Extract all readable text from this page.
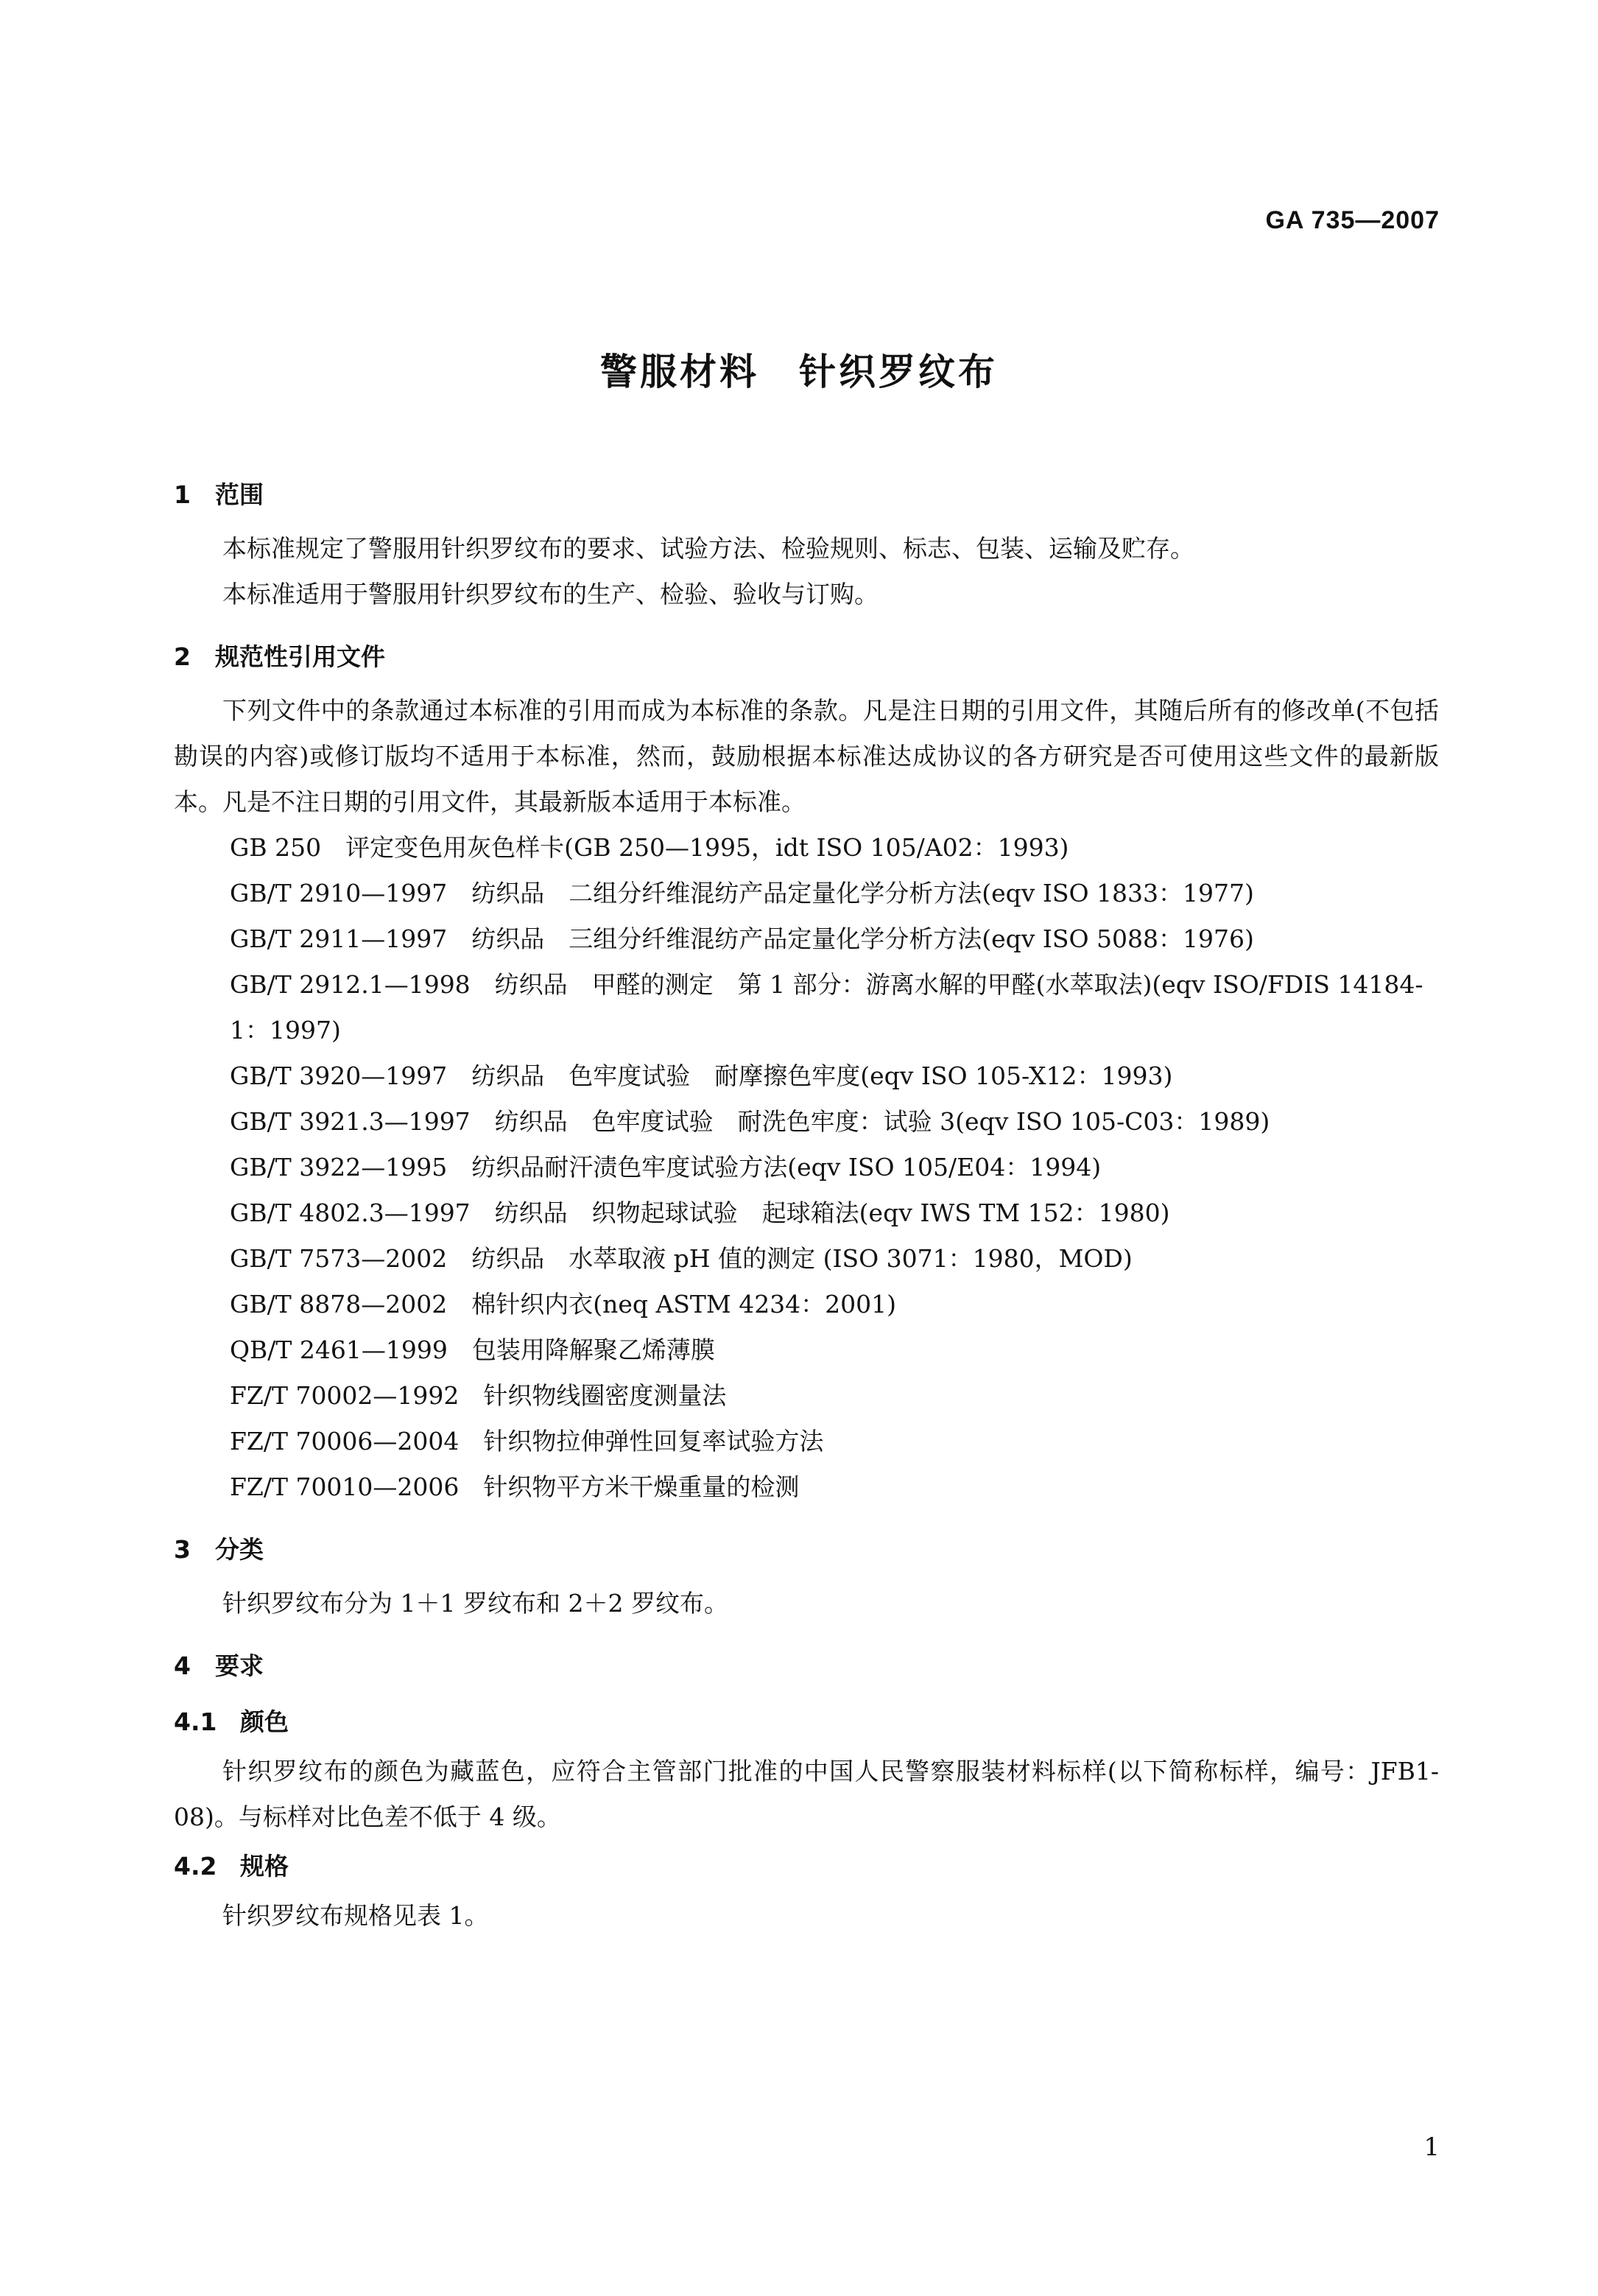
GA 735—2007
警服材料　针织罗纹布
1 范围

本标准规定了警服用针织罗纹布的要求、试验方法、检验规则、标志、包装、运输及贮存。

本标准适用于警服用针织罗纹布的生产、检验、验收与订购。

2 规范性引用文件

下列文件中的条款通过本标准的引用而成为本标准的条款。凡是注日期的引用文件，其随后所有的修改单(不包括勘误的内容)或修订版均不适用于本标准，然而，鼓励根据本标准达成协议的各方研究是否可使用这些文件的最新版本。凡是不注日期的引用文件，其最新版本适用于本标准。

GB 250　评定变色用灰色样卡(GB 250—1995，idt ISO 105/A02：1993)

GB/T 2910—1997　纺织品　二组分纤维混纺产品定量化学分析方法(eqv ISO 1833：1977)

GB/T 2911—1997　纺织品　三组分纤维混纺产品定量化学分析方法(eqv ISO 5088：1976)

GB/T 2912.1—1998　纺织品　甲醛的测定　第 1 部分：游离水解的甲醛(水萃取法)(eqv ISO/FDIS 14184-1：1997)

GB/T 3920—1997　纺织品　色牢度试验　耐摩擦色牢度(eqv ISO 105-X12：1993)

GB/T 3921.3—1997　纺织品　色牢度试验　耐洗色牢度：试验 3(eqv ISO 105-C03：1989)

GB/T 3922—1995　纺织品耐汗渍色牢度试验方法(eqv ISO 105/E04：1994)

GB/T 4802.3—1997　纺织品　织物起球试验　起球箱法(eqv IWS TM 152：1980)

GB/T 7573—2002　纺织品　水萃取液 pH 值的测定 (ISO 3071：1980，MOD)

GB/T 8878—2002　棉针织内衣(neq ASTM 4234：2001)

QB/T 2461—1999　包装用降解聚乙烯薄膜

FZ/T 70002—1992　针织物线圈密度测量法

FZ/T 70006—2004　针织物拉伸弹性回复率试验方法

FZ/T 70010—2006　针织物平方米干燥重量的检测

3 分类

针织罗纹布分为 1＋1 罗纹布和 2＋2 罗纹布。

4 要求
4.1 颜色

针织罗纹布的颜色为藏蓝色，应符合主管部门批准的中国人民警察服装材料标样(以下简称标样，编号：JFB1-08)。与标样对比色差不低于 4 级。

4.2 规格

针织罗纹布规格见表 1。

1
